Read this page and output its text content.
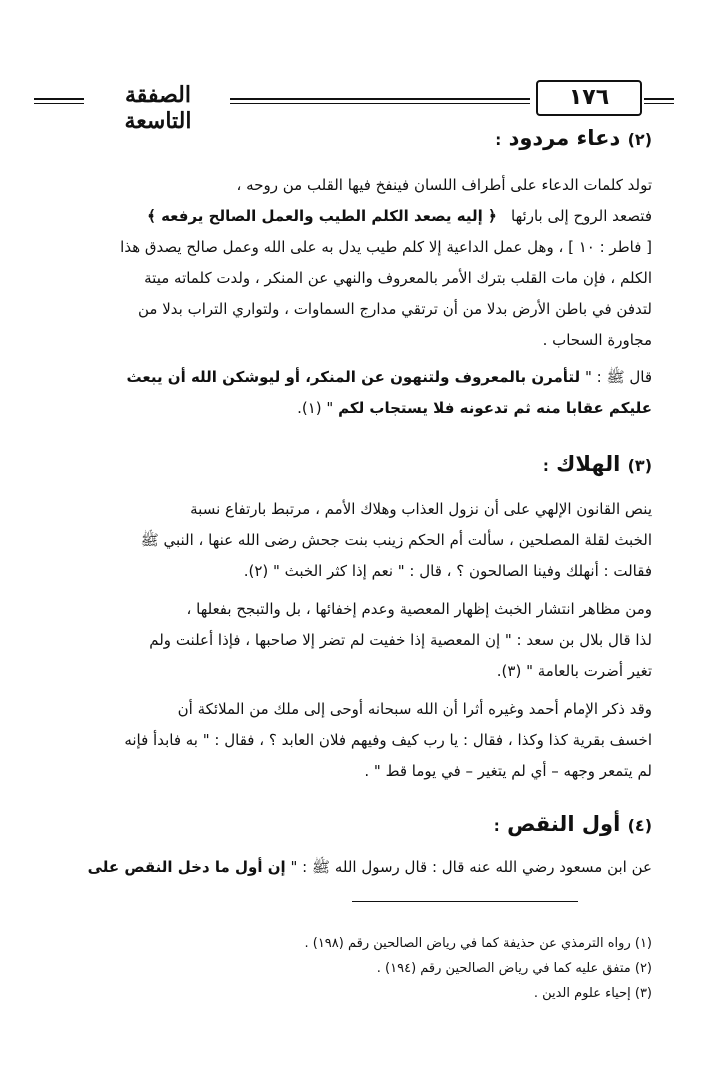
الصفقة التاسعة
١٧٦
(٢) دعاء مردود :
تولد كلمات الدعاء على أطراف اللسان فينفخ فيها القلب من روحه ،
فتصعد الروح إلى بارئها   ﴿ إليه يصعد الكلم الطيب والعمل الصالح يرفعه ﴾
[ فاطر : ١٠ ] ، وهل عمل الداعية إلا كلم طيب يدل به على الله وعمل صالح يصدق هذا
الكلم ، فإن مات القلب بترك الأمر بالمعروف والنهي عن المنكر ، ولدت كلماته ميتة
لتدفن في باطن الأرض بدلا من أن ترتقي مدارج السماوات ، ولتواري التراب بدلا من
مجاورة السحاب .
قال ﷺ : " لتأمرن بالمعروف ولتنهون عن المنكر، أو ليوشكن الله أن يبعث
عليكم عقابا منه ثم تدعونه فلا يستجاب لكم " (١).
(٣) الهلاك :
ينص القانون الإلهي على أن نزول العذاب وهلاك الأمم ، مرتبط بارتفاع نسبة
الخبث لقلة المصلحين ، سألت أم الحكم زينب بنت جحش رضى الله عنها ، النبي ﷺ
فقالت : أنهلك وفينا الصالحون ؟ ، قال : " نعم إذا كثر الخبث " (٢).
ومن مظاهر انتشار الخبث إظهار المعصية وعدم إخفائها ، بل والتبجح بفعلها ،
لذا قال بلال بن سعد : " إن المعصية إذا خفيت لم تضر إلا صاحبها ، فإذا أعلنت ولم
تغير أضرت بالعامة " (٣).
وقد ذكر الإمام أحمد وغيره أثرا أن الله سبحانه أوحى إلى ملك من الملائكة أن
اخسف بقرية كذا وكذا ، فقال : يا رب كيف وفيهم فلان العابد ؟ ، فقال : " به فابدأ فإنه
لم يتمعر وجهه – أي لم يتغير – في يوما قط " .
(٤) أول النقص :
عن ابن مسعود رضي الله عنه قال : قال رسول الله ﷺ : " إن أول ما دخل النقص على
(١) رواه الترمذي عن حذيفة كما في رياض الصالحين رقم (١٩٨) .
(٢) متفق عليه كما في رياض الصالحين رقم (١٩٤) .
(٣) إحياء علوم الدين .
